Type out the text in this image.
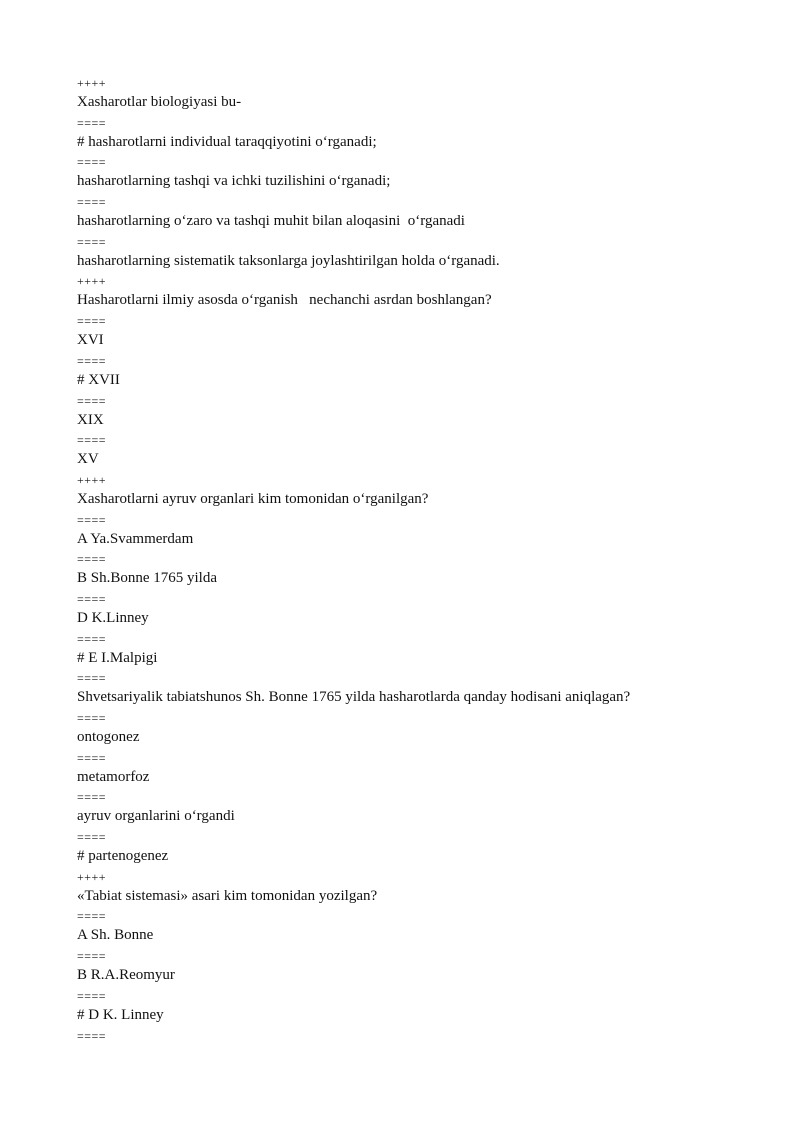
++++
Xasharotlar biologiyasi bu-
====
# hasharotlarni individual taraqqiyotini o‘rganadi;
====
hasharotlarning tashqi va ichki tuzilishini o‘rganadi;
====
hasharotlarning o‘zaro va tashqi muhit bilan aloqasini  o‘rganadi
====
hasharotlarning sistematik taksonlarga joylashtirilgan holda o‘rganadi.
++++
Hasharotlarni ilmiy asosda o‘rganish   nechanchi asrdan boshlangan?
====
XVI
====
# XVII
====
XIX
====
XV
++++
Xasharotlarni ayruv organlari kim tomonidan o‘rganilgan?
====
A Ya.Svammerdam
====
B Sh.Bonne 1765 yilda
====
D K.Linney
====
# E I.Malpigi
====
Shvetsariyalik tabiatshunos Sh. Bonne 1765 yilda hasharotlarda qanday hodisani aniqlagan?
====
ontogonez
====
metamorfoz
====
ayruv organlarini o‘rgandi
====
# partenogenez
++++
«Tabiat sistemasi» asari kim tomonidan yozilgan?
====
A Sh. Bonne
====
B R.A.Reomyur
====
# D K. Linney
====
